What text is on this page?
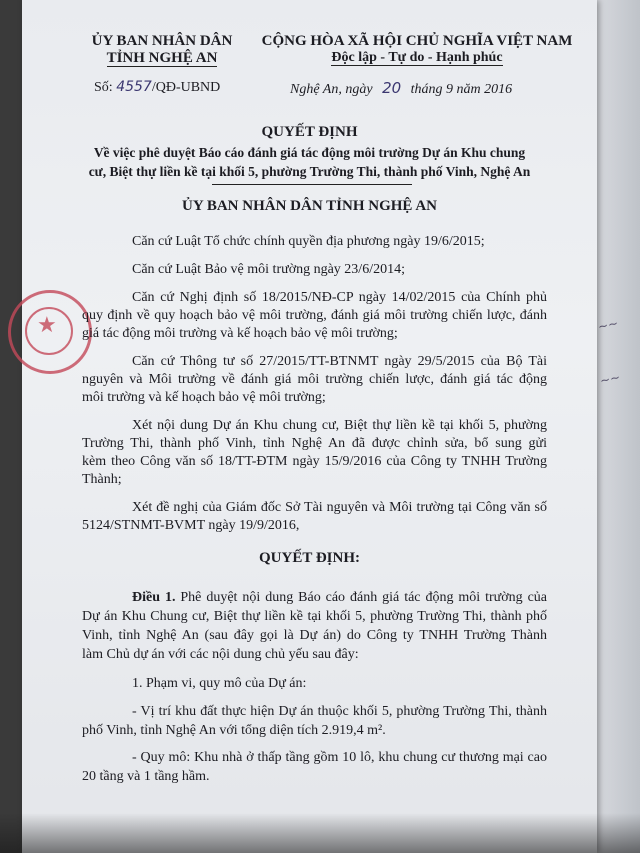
~~
~~
★
ỦY BAN NHÂN DÂN
TỈNH NGHỆ AN
CỘNG HÒA XÃ HỘI CHỦ NGHĨA VIỆT NAM
Độc lập - Tự do - Hạnh phúc
Số: 4557/QĐ-UBND	Nghệ An, ngày 20 tháng 9 năm 2016
QUYẾT ĐỊNH
Về việc phê duyệt Báo cáo đánh giá tác động môi trường Dự án Khu chung
cư, Biệt thự liền kề tại khối 5, phường Trường Thi, thành phố Vinh, Nghệ An
ỦY BAN NHÂN DÂN TỈNH NGHỆ AN
Căn cứ Luật Tổ chức chính quyền địa phương ngày 19/6/2015;
Căn cứ Luật Bảo vệ môi trường ngày 23/6/2014;
Căn cứ Nghị định số 18/2015/NĐ-CP ngày 14/02/2015 của Chính phủ
quy định về quy hoạch bảo vệ môi trường, đánh giá môi trường chiến lược, đánh
giá tác động môi trường và kế hoạch bảo vệ môi trường;
Căn cứ Thông tư số 27/2015/TT-BTNMT ngày 29/5/2015 của Bộ Tài
nguyên và Môi trường về đánh giá môi trường chiến lược, đánh giá tác động
môi trường và kế hoạch bảo vệ môi trường;
Xét nội dung Dự án Khu chung cư, Biệt thự liền kề tại khối 5, phường
Trường Thi, thành phố Vinh, tỉnh Nghệ An đã được chỉnh sửa, bổ sung gửi
kèm theo Công văn số 18/TT-ĐTM ngày 15/9/2016 của Công ty TNHH Trường
Thành;
Xét đề nghị của Giám đốc Sở Tài nguyên và Môi trường tại Công văn số
5124/STNMT-BVMT ngày 19/9/2016,
QUYẾT ĐỊNH:
Điều 1. Phê duyệt nội dung Báo cáo đánh giá tác động môi trường của
Dự án Khu Chung cư, Biệt thự liền kề tại khối 5, phường Trường Thi, thành phố
Vinh, tỉnh Nghệ An (sau đây gọi là Dự án) do Công ty TNHH Trường Thành
làm Chủ dự án với các nội dung chủ yếu sau đây:
1. Phạm vi, quy mô của Dự án:
- Vị trí khu đất thực hiện Dự án thuộc khối 5, phường Trường Thi, thành
phố Vinh, tỉnh Nghệ An với tổng diện tích 2.919,4 m².
- Quy mô: Khu nhà ở thấp tầng gồm 10 lô, khu chung cư thương mại cao
20 tầng và 1 tầng hầm.
